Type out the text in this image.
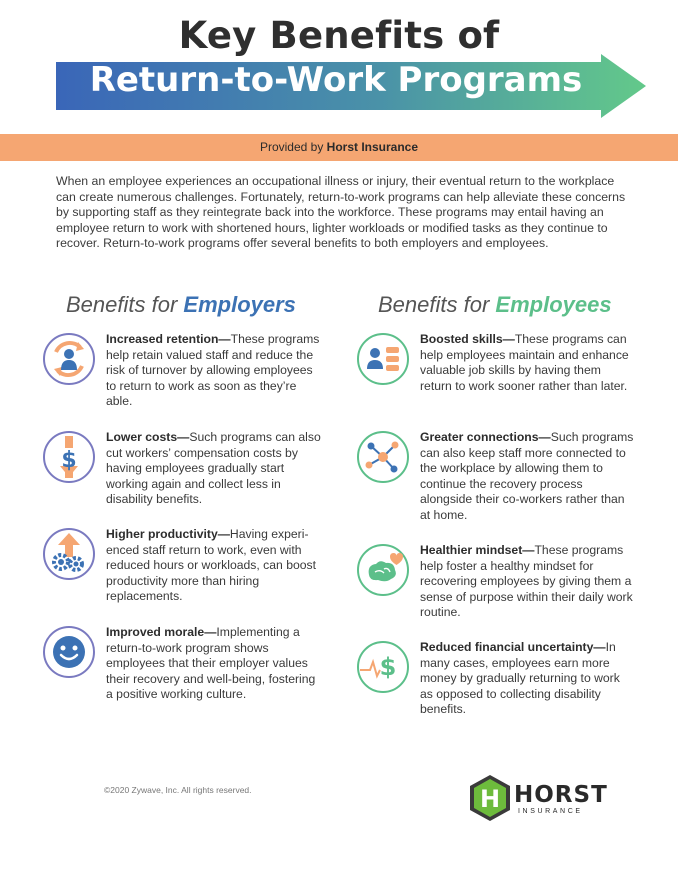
Key Benefits of
Return-to-Work Programs
Provided by Horst Insurance
When an employee experiences an occupational illness or injury, their eventual return to the workplace can create numerous challenges. Fortunately, return-to-work programs can help alleviate these concerns by supporting staff as they reintegrate back into the workforce. These programs may entail having an employee return to work with shortened hours, lighter workloads or modified tasks as they continue to recover. Return-to-work programs offer several benefits to both employers and employees.
Benefits for Employers	Benefits for Employees
Increased retention—These programs help retain valued staff and reduce the risk of turnover by allowing employees to return to work as soon as they’re able.
$
Lower costs—Such programs can also cut workers’ compensation costs by having employees gradually start working again and collect less in disability benefits.
Higher productivity—Having experi-enced staff return to work, even with reduced hours or workloads, can boost productivity more than hiring replacements.
Improved morale—Implementing a return-to-work program shows employees that their employer values their recovery and well-being, fostering a positive working culture.
Boosted skills—These programs can help employees maintain and enhance valuable job skills by having them return to work sooner rather than later.
Greater connections—Such programs can also keep staff more connected to the workplace by allowing them to continue the recovery process alongside their co-workers rather than at home.
Healthier mindset—These programs help foster a healthy mindset for recovering employees by giving them a sense of purpose within their daily work routine.
$
Reduced financial uncertainty—In many cases, employees earn more money by gradually returning to work as opposed to collecting disability benefits.
©2020 Zywave, Inc. All rights reserved.	H HORST
INSURANCE
